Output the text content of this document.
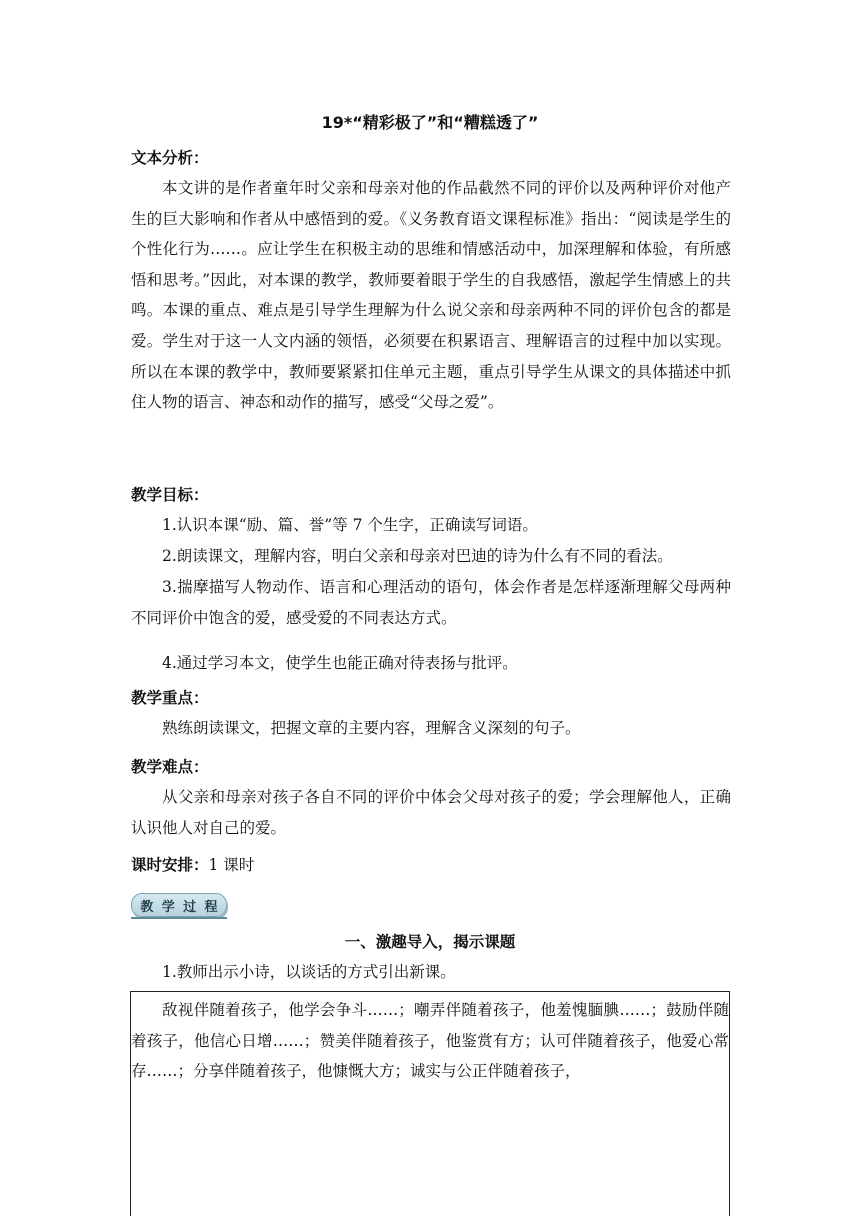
19*“精彩极了”和“糟糕透了”
文本分析：
本文讲的是作者童年时父亲和母亲对他的作品截然不同的评价以及两种评价对他产生的巨大影响和作者从中感悟到的爱。《义务教育语文课程标准》指出：“阅读是学生的个性化行为……。应让学生在积极主动的思维和情感活动中，加深理解和体验，有所感悟和思考。”因此，对本课的教学，教师要着眼于学生的自我感悟，激起学生情感上的共鸣。本课的重点、难点是引导学生理解为什么说父亲和母亲两种不同的评价包含的都是爱。学生对于这一人文内涵的领悟，必须要在积累语言、理解语言的过程中加以实现。所以在本课的教学中，教师要紧紧扣住单元主题，重点引导学生从课文的具体描述中抓住人物的语言、神态和动作的描写，感受“父母之爱”。
教学目标：
1.认识本课“励、篇、誉”等 7 个生字，正确读写词语。
2.朗读课文，理解内容，明白父亲和母亲对巴迪的诗为什么有不同的看法。
3.揣摩描写人物动作、语言和心理活动的语句，体会作者是怎样逐渐理解父母两种不同评价中饱含的爱，感受爱的不同表达方式。
4.通过学习本文，使学生也能正确对待表扬与批评。
教学重点：
熟练朗读课文，把握文章的主要内容，理解含义深刻的句子。
教学难点：
从父亲和母亲对孩子各自不同的评价中体会父母对孩子的爱；学会理解他人，正确认识他人对自己的爱。
课时安排：1 课时
教 学 过 程
一、激趣导入，揭示课题
1.教师出示小诗，以谈话的方式引出新课。
敌视伴随着孩子，他学会争斗……；嘲弄伴随着孩子，他羞愧腼腆……；鼓励伴随着孩子，他信心日增……；赞美伴随着孩子，他鉴赏有方；认可伴随着孩子，他爱心常存……；分享伴随着孩子，他慷慨大方；诚实与公正伴随着孩子，
